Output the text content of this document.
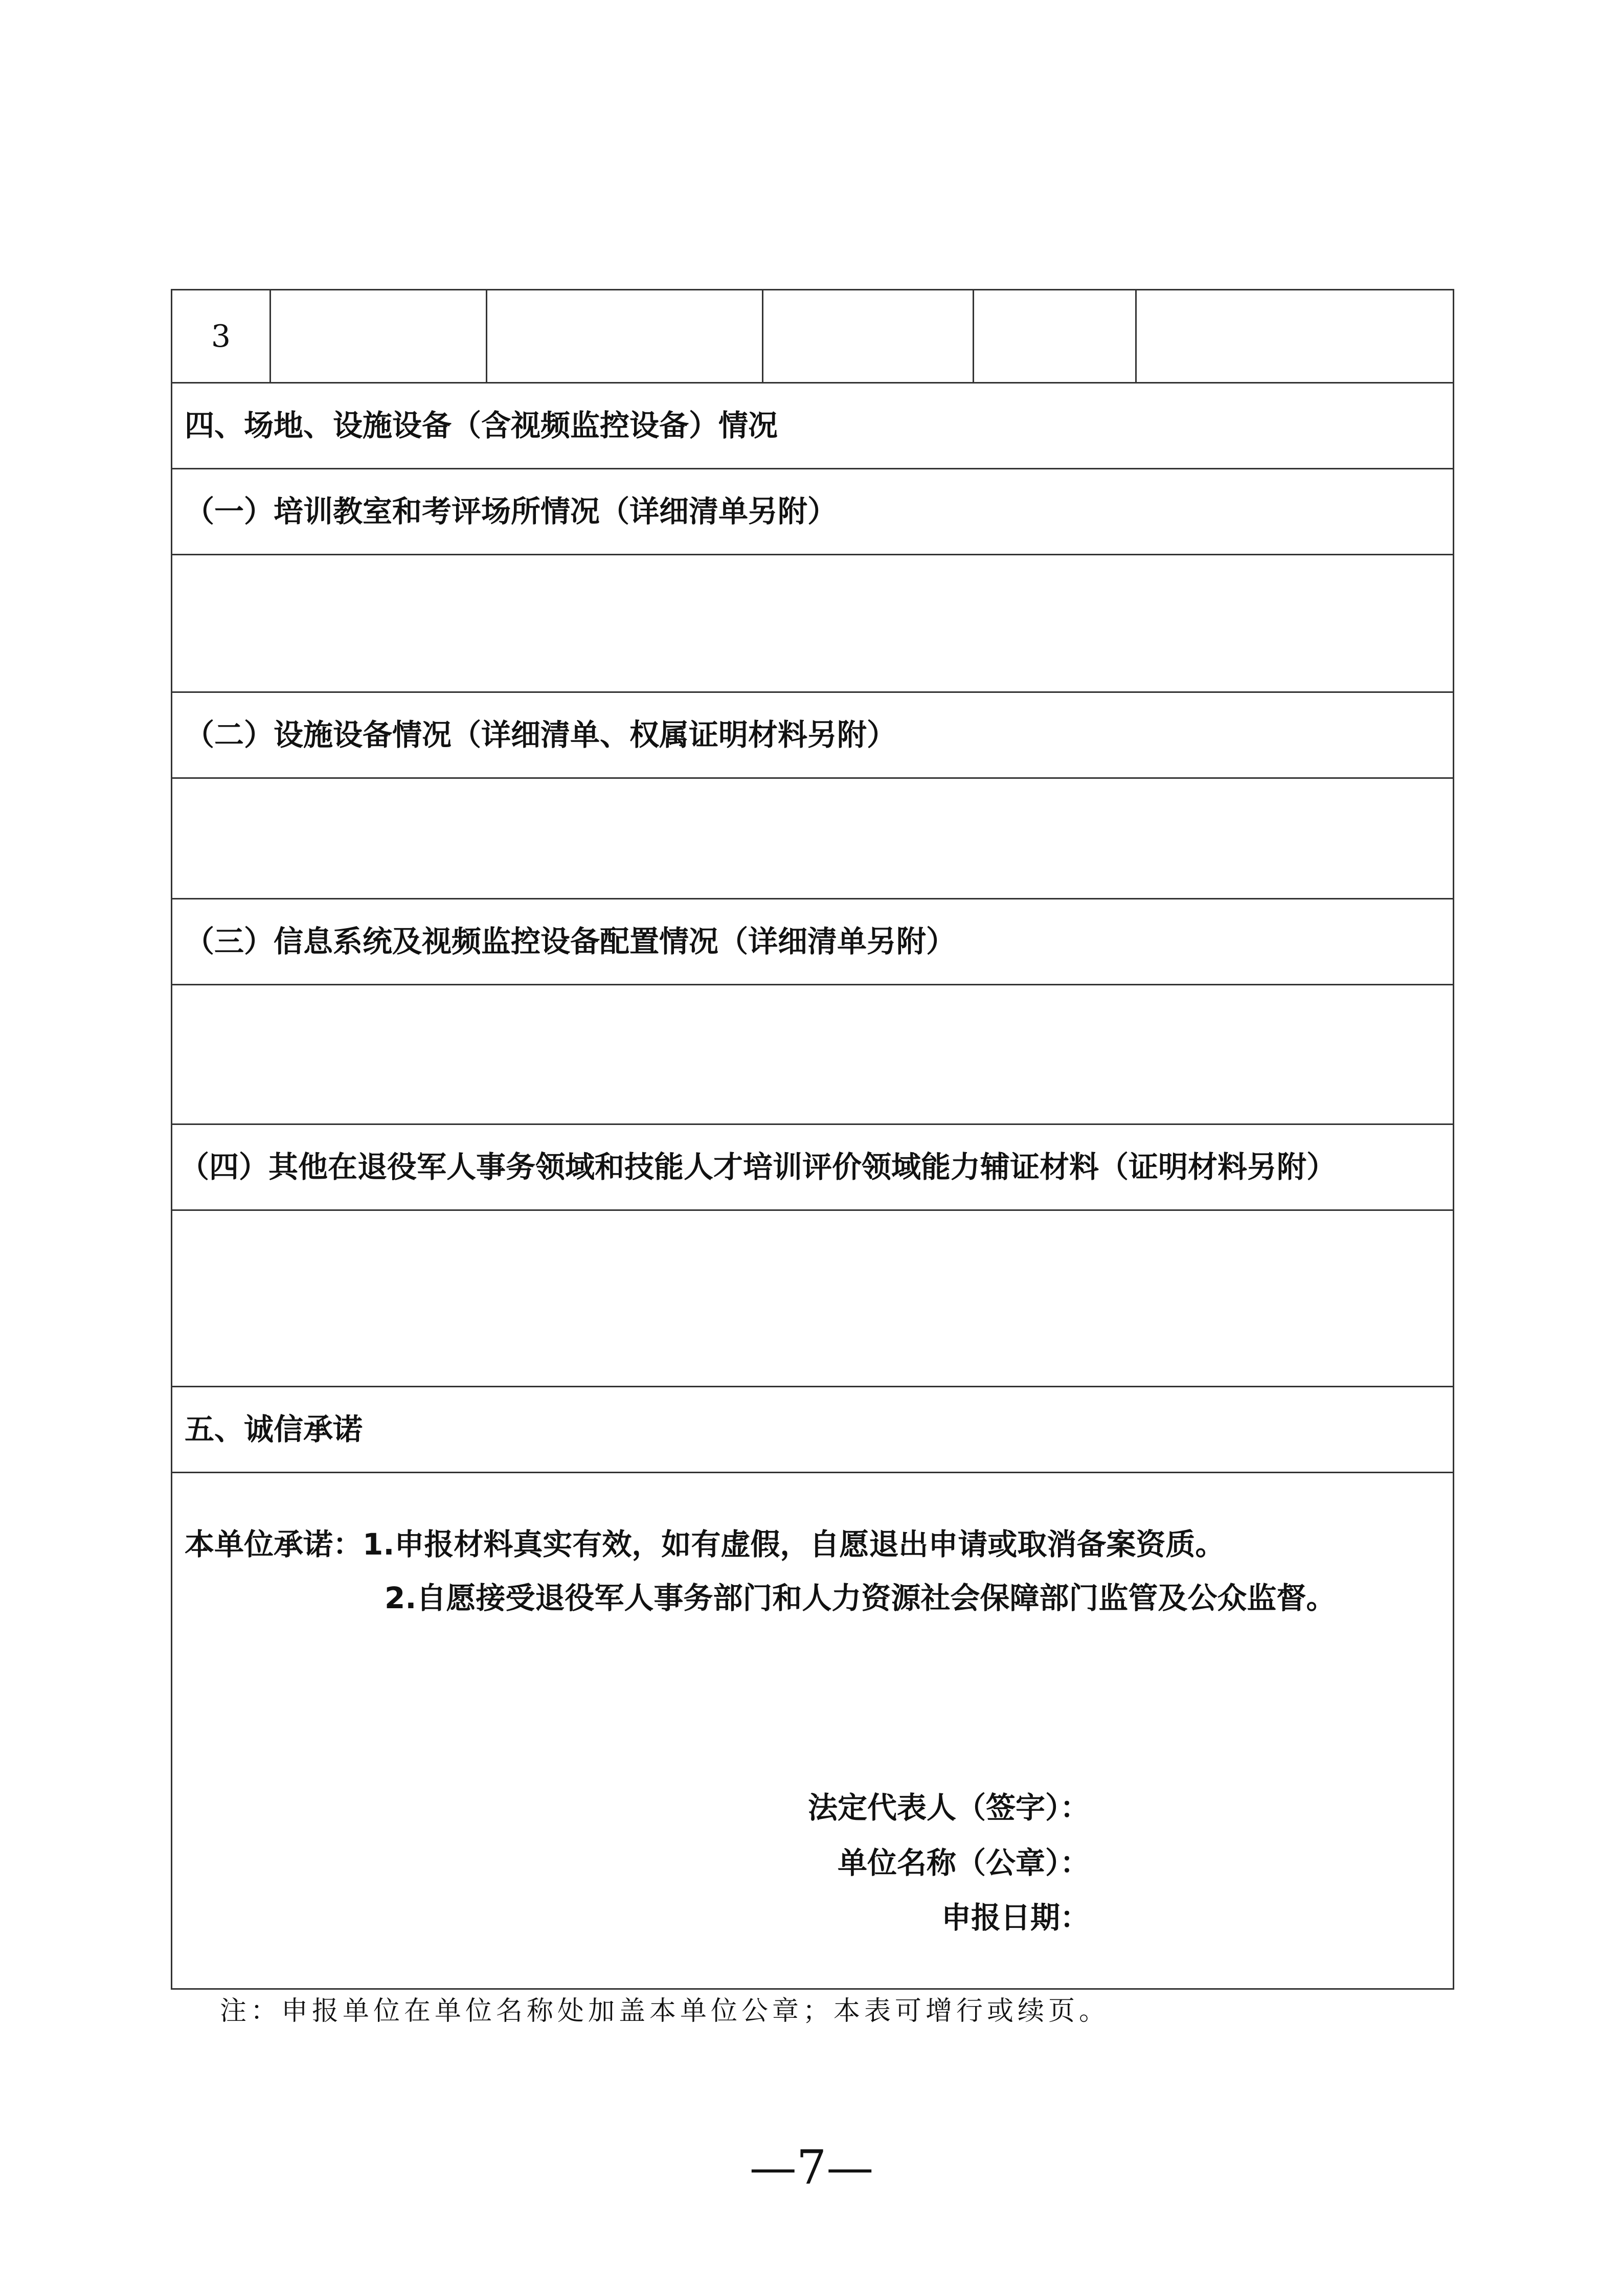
3					
四、场地、设施设备（含视频监控设备）情况
（一）培训教室和考评场所情况（详细清单另附）

（二）设施设备情况（详细清单、权属证明材料另附）

（三）信息系统及视频监控设备配置情况（详细清单另附）

（四）其他在退役军人事务领域和技能人才培训评价领域能力辅证材料（证明材料另附）

五、诚信承诺

本单位承诺：1.申报材料真实有效，如有虚假，自愿退出申请或取消备案资质。
2.自愿接受退役军人事务部门和人力资源社会保障部门监管及公众监督。
法定代表人（签字）：
单位名称（公章）：
申报日期：
注：申报单位在单位名称处加盖本单位公章；本表可增行或续页。
—7—
